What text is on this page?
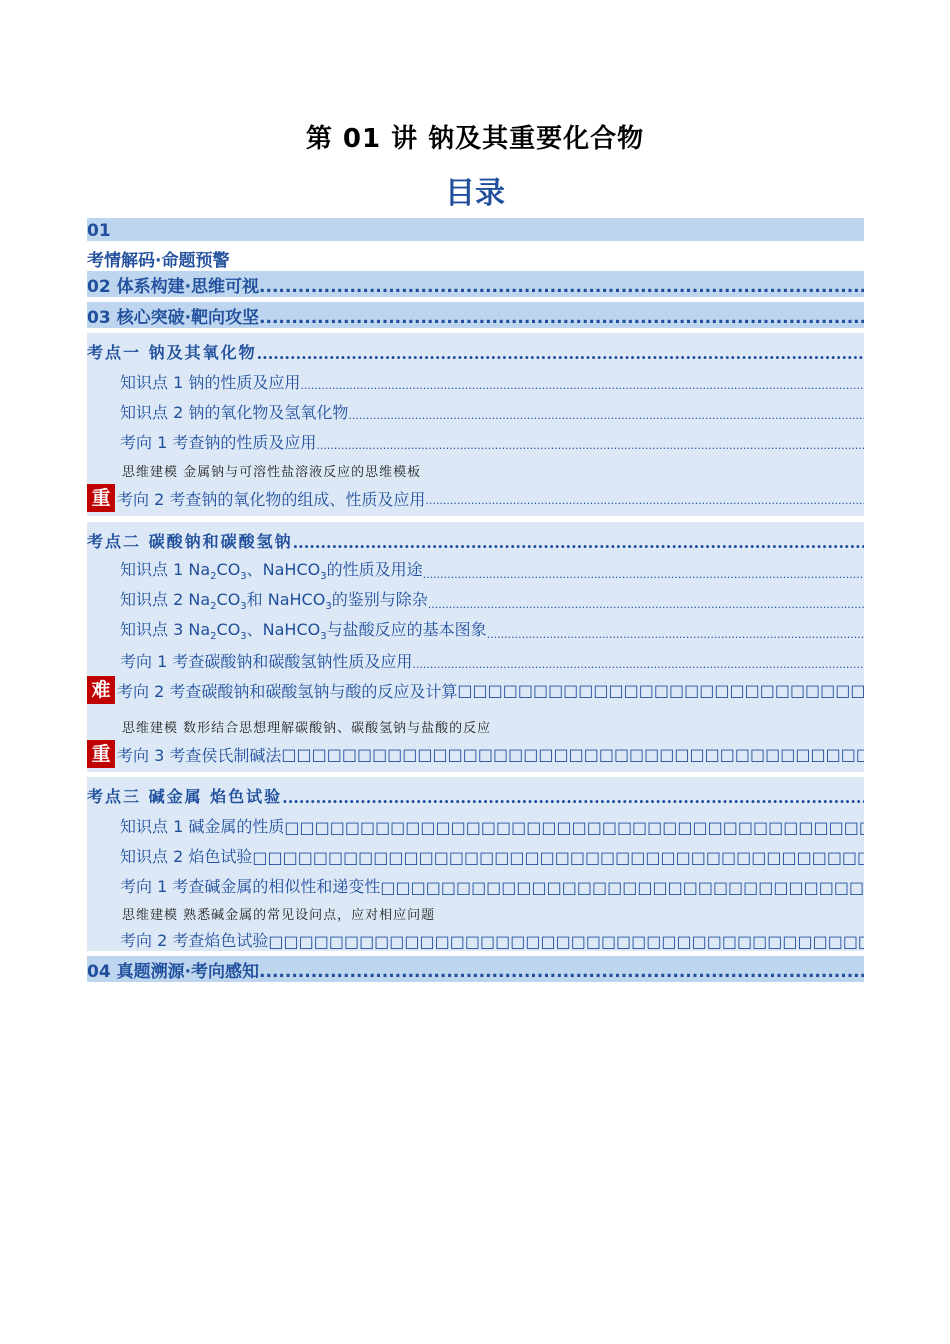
第 01 讲 钠及其重要化合物
目录
01
考情解码·命题预警
02 体系构建·思维可视
.....
03 核心突破·靶向攻坚
.....
考点一 钠及其氧化物
.....
知识点 1 钠的性质及应用
.....
知识点 2 钠的氧化物及氢氧化物
.....
考向 1 考查钠的性质及应用
.....
思维建模 金属钠与可溶性盐溶液反应的思维模板
重 考向 2 考查钠的氧化物的组成、性质及应用
.....
考点二 碳酸钠和碳酸氢钠
.....
知识点 1 $Na_2CO_3$、NaHCO$_3$的性质及用途
.....
知识点 2 $Na_2CO_3$和 NaHCO$_3$的鉴别与除杂
.....
知识点 3 $Na_2CO_3$、NaHCO$_3$与盐酸反应的基本图象
.....
考向 1 考查碳酸钠和碳酸氢钠性质及应用
.....
难 考向 2 考查碳酸钠和碳酸氢钠与酸的反应及计算
□□□□□□□□□□□□□□□□□□□□□□□□□□□□□□□□□□□□□□□□□□□□□□□□□□□□□□□□□□□□□□□□□□□□□□□□□□□□
思维建模 数形结合思想理解碳酸钠、碳酸氢钠与盐酸的反应
重 考向 3 考查侯氏制碱法
□□□□□□□□□□□□□□□□□□□□□□□□□□□□□□□□□□□□□□□□□□□□□□□□□□□□□□□□□□□□□□□□□□□□□□□□□□□□
考点三 碱金属 焰色试验
.....
知识点 1 碱金属的性质
□□□□□□□□□□□□□□□□□□□□□□□□□□□□□□□□□□□□□□□□□□□□□□□□□□□□□□□□□□□□□□□□□□□□□□□□□□□□
知识点 2 焰色试验
□□□□□□□□□□□□□□□□□□□□□□□□□□□□□□□□□□□□□□□□□□□□□□□□□□□□□□□□□□□□□□□□□□□□□□□□□□□□
考向 1 考查碱金属的相似性和递变性
□□□□□□□□□□□□□□□□□□□□□□□□□□□□□□□□□□□□□□□□□□□□□□□□□□□□□□□□□□□□□□□□□□□□□□□□□□□□
思维建模 熟悉碱金属的常见设问点，应对相应问题
考向 2 考查焰色试验
□□□□□□□□□□□□□□□□□□□□□□□□□□□□□□□□□□□□□□□□□□□□□□□□□□□□□□□□□□□□□□□□□□□□□□□□□□□□
04 真题溯源·考向感知
.....
